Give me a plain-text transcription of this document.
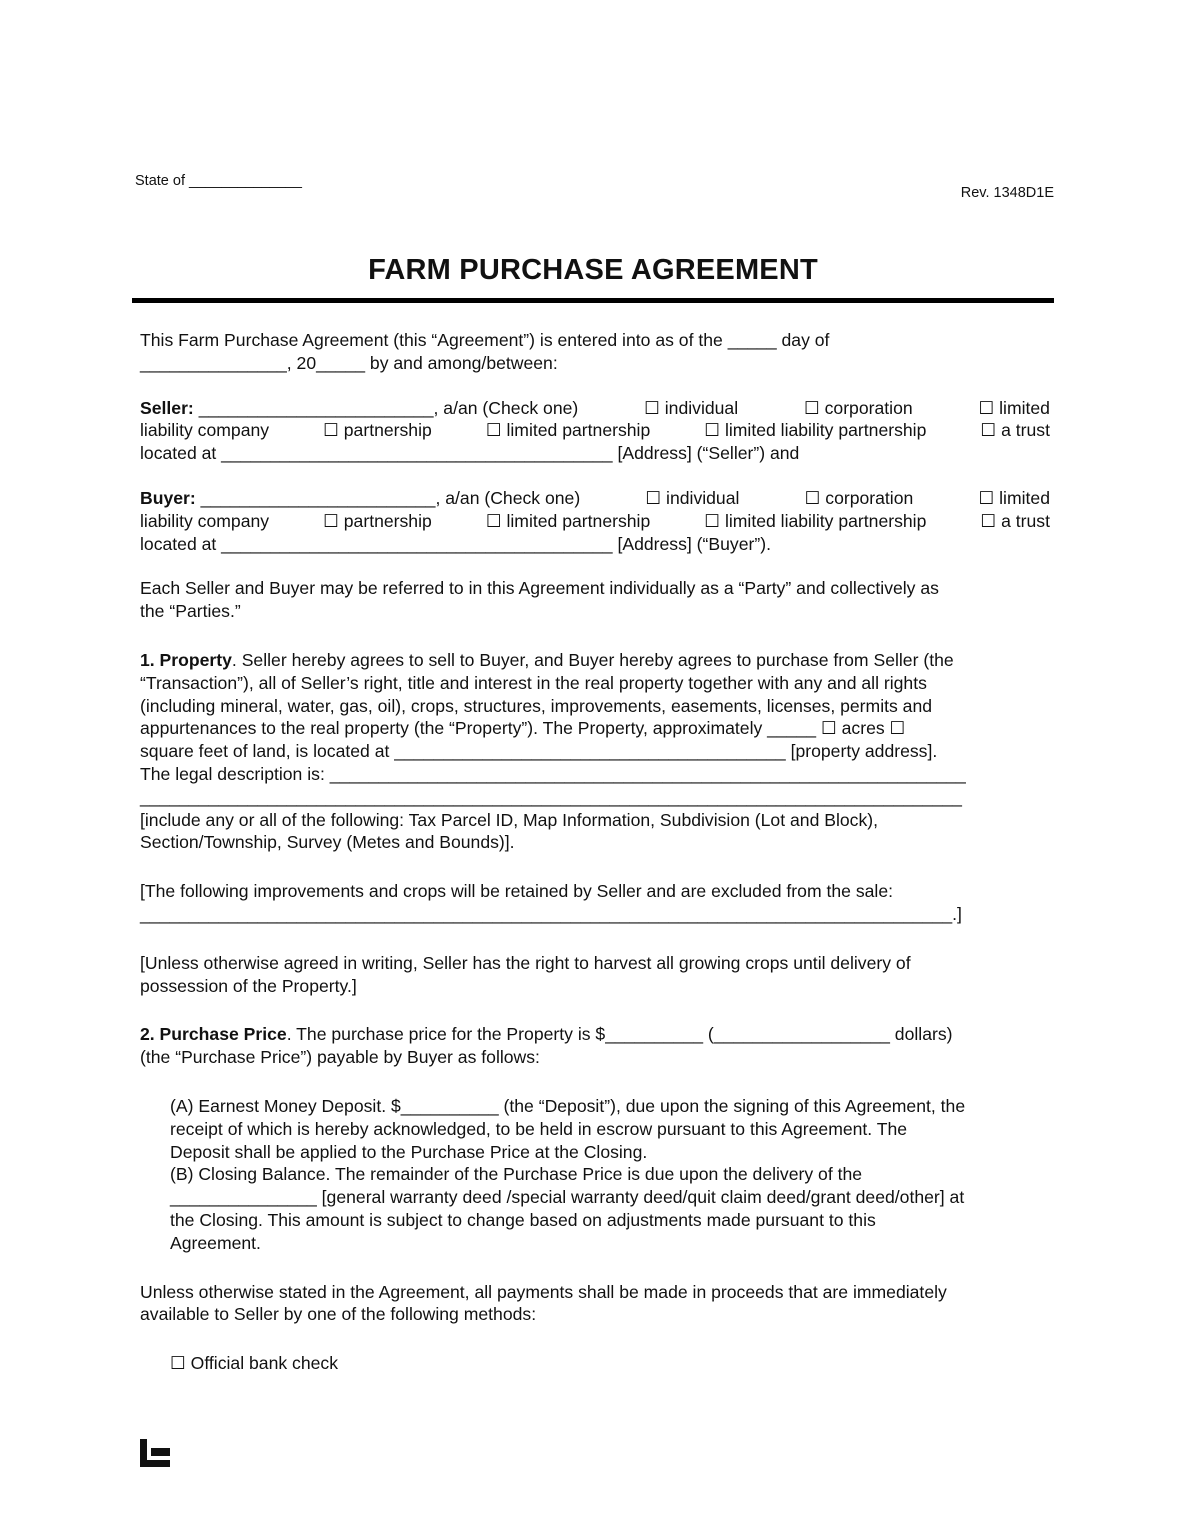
State of ______________
Rev. 1348D1E
FARM PURCHASE AGREEMENT

This Farm Purchase Agreement (this “Agreement”) is entered into as of the _____ day of
_______________, 20_____ by and among/between:

Seller: ________________________, a/an (Check one)	☐ individual	☐ corporation	☐ limited
liability company	☐ partnership	☐ limited partnership	☐ limited liability partnership	☐ a trust
located at ________________________________________ [Address] (“Seller”) and

Buyer: ________________________, a/an (Check one)	☐ individual	☐ corporation	☐ limited
liability company	☐ partnership	☐ limited partnership	☐ limited liability partnership	☐ a trust
located at ________________________________________ [Address] (“Buyer”).

Each Seller and Buyer may be referred to in this Agreement individually as a “Party” and collectively as
the “Parties.”

1. Property. Seller hereby agrees to sell to Buyer, and Buyer hereby agrees to purchase from Seller (the
“Transaction”), all of Seller’s right, title and interest in the real property together with any and all rights
(including mineral, water, gas, oil), crops, structures, improvements, easements, licenses, permits and
appurtenances to the real property (the “Property”). The Property, approximately _____ ☐ acres ☐
square feet of land, is located at ________________________________________ [property address].
The legal description is: _________________________________________________________________
____________________________________________________________________________________
[include any or all of the following: Tax Parcel ID, Map Information, Subdivision (Lot and Block),
Section/Township, Survey (Metes and Bounds)].

[The following improvements and crops will be retained by Seller and are excluded from the sale:
___________________________________________________________________________________.]

[Unless otherwise agreed in writing, Seller has the right to harvest all growing crops until delivery of
possession of the Property.]

2. Purchase Price. The purchase price for the Property is $__________ (__________________ dollars)
(the “Purchase Price”) payable by Buyer as follows:

(A) Earnest Money Deposit. $__________ (the “Deposit”), due upon the signing of this Agreement, the
receipt of which is hereby acknowledged, to be held in escrow pursuant to this Agreement. The
Deposit shall be applied to the Purchase Price at the Closing.

(B) Closing Balance. The remainder of the Purchase Price is due upon the delivery of the
_______________ [general warranty deed /special warranty deed/quit claim deed/grant deed/other] at
the Closing. This amount is subject to change based on adjustments made pursuant to this
Agreement.

Unless otherwise stated in the Agreement, all payments shall be made in proceeds that are immediately
available to Seller by one of the following methods:

☐ Official bank check
